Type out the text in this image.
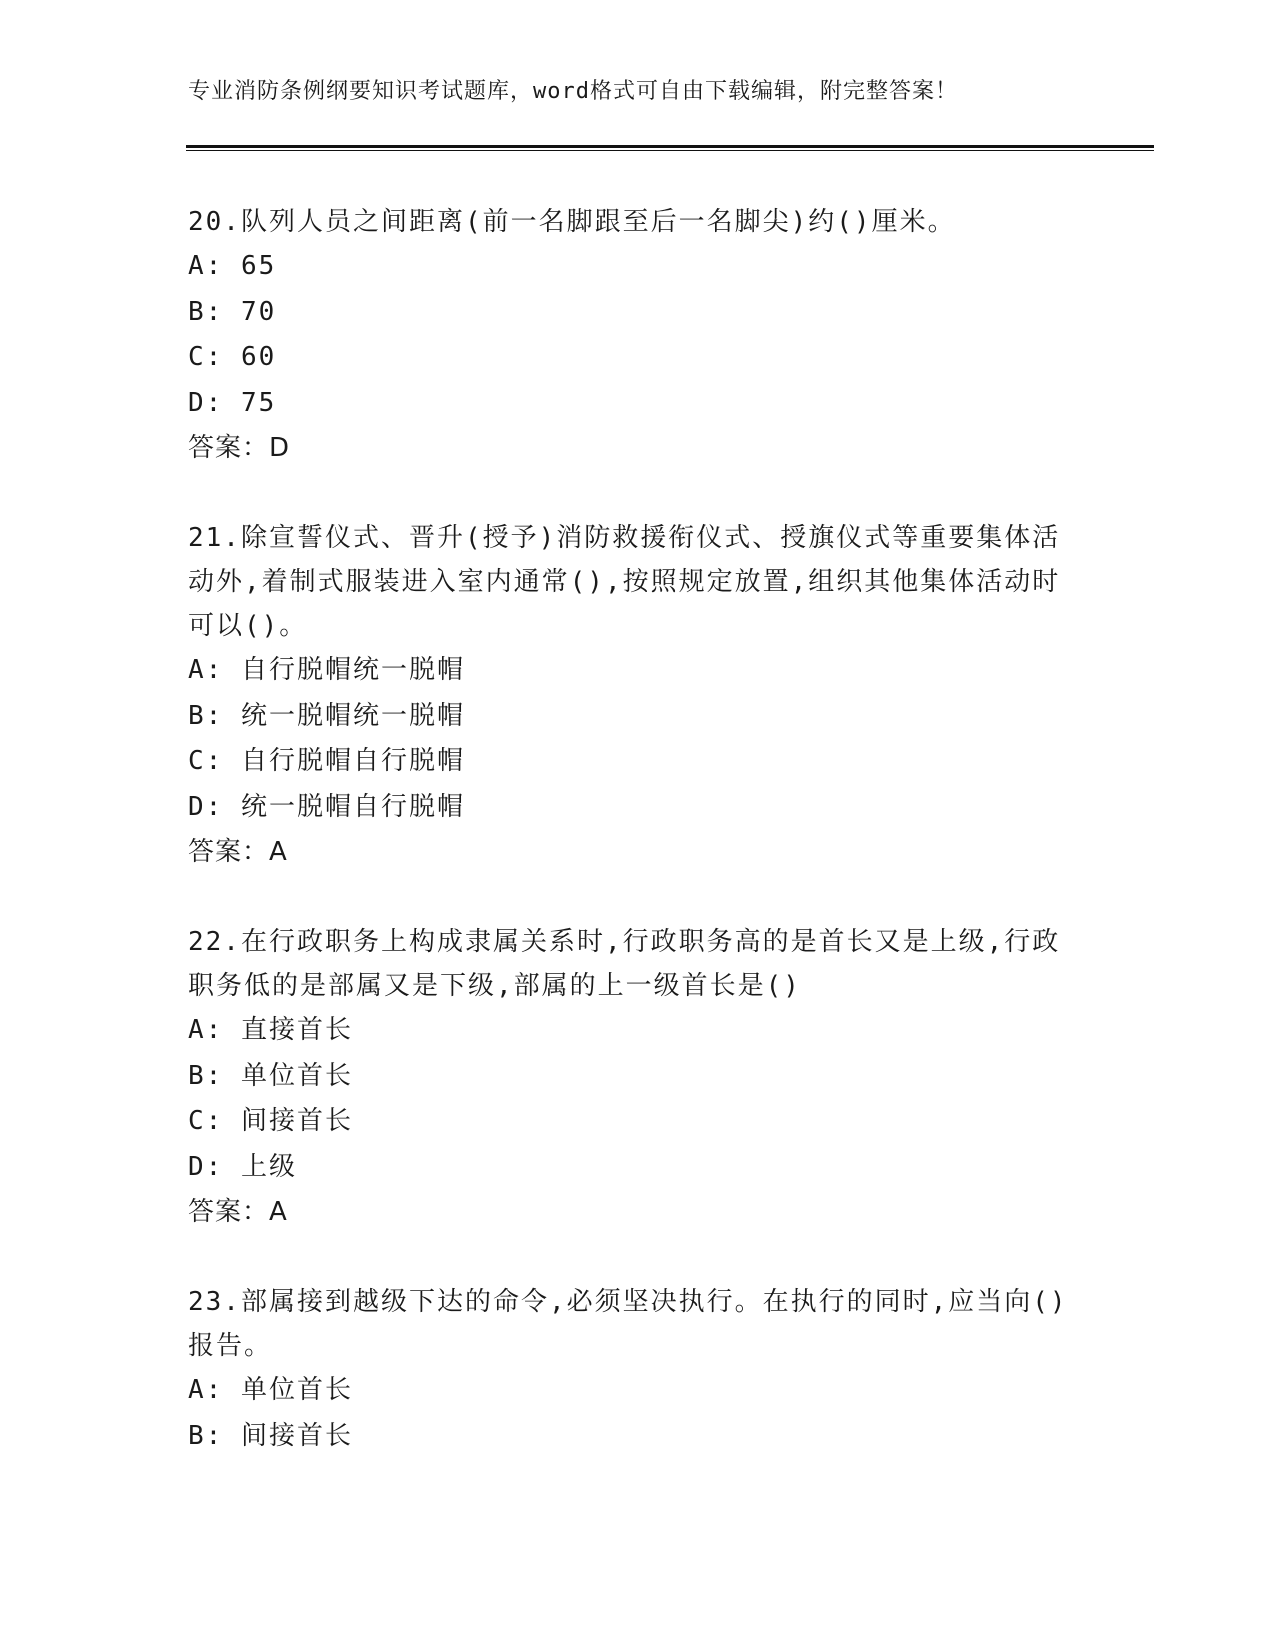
专业消防条例纲要知识考试题库，word格式可自由下载编辑，附完整答案！

20.队列人员之间距离(前一名脚跟至后一名脚尖)约()厘米。

A: 65

B: 70

C: 60

D: 75

答案：D

21.除宣誓仪式、晋升(授予)消防救援衔仪式、授旗仪式等重要集体活动外,着制式服装进入室内通常(),按照规定放置,组织其他集体活动时可以()。

A: 自行脱帽统一脱帽

B: 统一脱帽统一脱帽

C: 自行脱帽自行脱帽

D: 统一脱帽自行脱帽

答案：A

22.在行政职务上构成隶属关系时,行政职务高的是首长又是上级,行政职务低的是部属又是下级,部属的上一级首长是()

A: 直接首长

B: 单位首长

C: 间接首长

D: 上级

答案：A

23.部属接到越级下达的命令,必须坚决执行。在执行的同时,应当向()报告。

A: 单位首长

B: 间接首长
